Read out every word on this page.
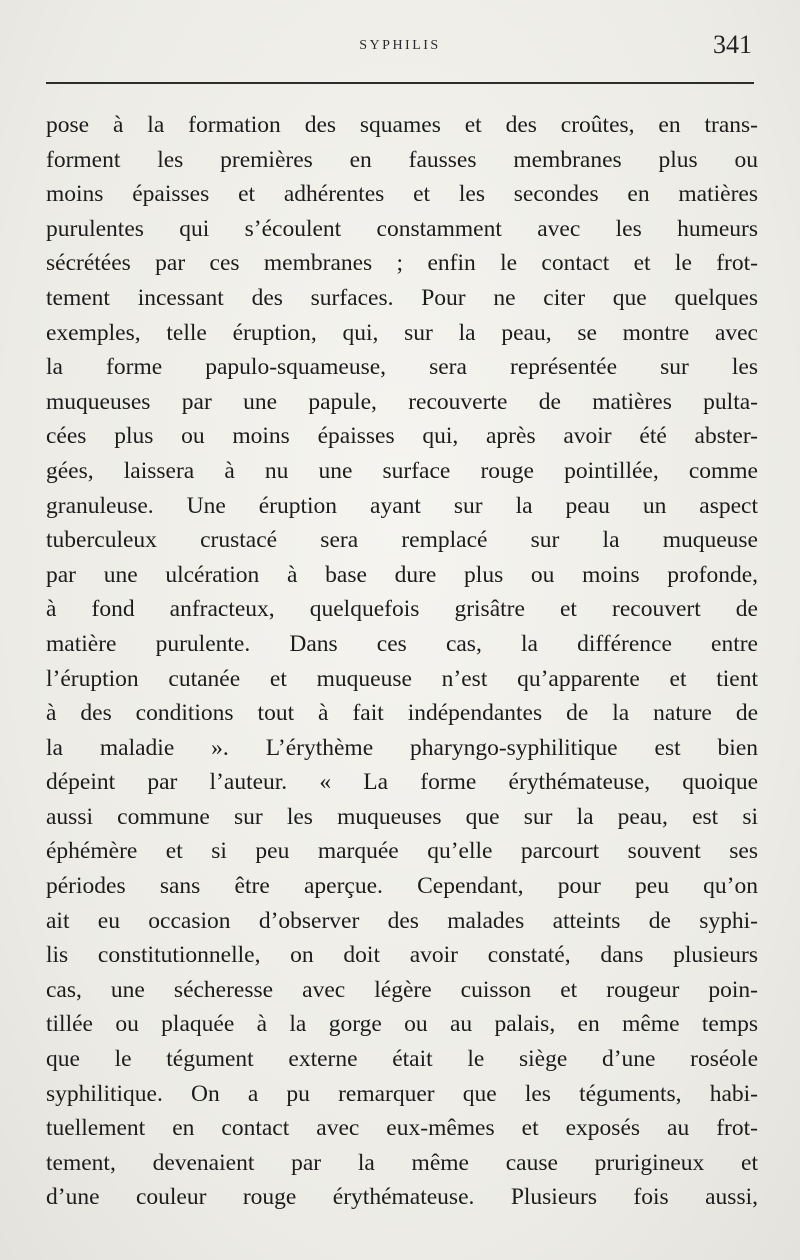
SYPHILIS	341
pose à la formation des squames et des croûtes, en trans-
forment les premières en fausses membranes plus ou
moins épaisses et adhérentes et les secondes en matières
purulentes qui s’écoulent constamment avec les humeurs
sécrétées par ces membranes ; enfin le contact et le frot-
tement incessant des surfaces. Pour ne citer que quelques
exemples, telle éruption, qui, sur la peau, se montre avec
la forme papulo-squameuse, sera représentée sur les
muqueuses par une papule, recouverte de matières pulta-
cées plus ou moins épaisses qui, après avoir été abster-
gées, laissera à nu une surface rouge pointillée, comme
granuleuse. Une éruption ayant sur la peau un aspect
tuberculeux crustacé sera remplacé sur la muqueuse
par une ulcération à base dure plus ou moins profonde,
à fond anfracteux, quelquefois grisâtre et recouvert de
matière purulente. Dans ces cas, la différence entre
l’éruption cutanée et muqueuse n’est qu’apparente et tient
à des conditions tout à fait indépendantes de la nature de
la maladie ». L’érythème pharyngo-syphilitique est bien
dépeint par l’auteur. « La forme érythémateuse, quoique
aussi commune sur les muqueuses que sur la peau, est si
éphémère et si peu marquée qu’elle parcourt souvent ses
périodes sans être aperçue. Cependant, pour peu qu’on
ait eu occasion d’observer des malades atteints de syphi-
lis constitutionnelle, on doit avoir constaté, dans plusieurs
cas, une sécheresse avec légère cuisson et rougeur poin-
tillée ou plaquée à la gorge ou au palais, en même temps
que le tégument externe était le siège d’une roséole
syphilitique. On a pu remarquer que les téguments, habi-
tuellement en contact avec eux-mêmes et exposés au frot-
tement, devenaient par la même cause prurigineux et
d’une couleur rouge érythémateuse. Plusieurs fois aussi,
